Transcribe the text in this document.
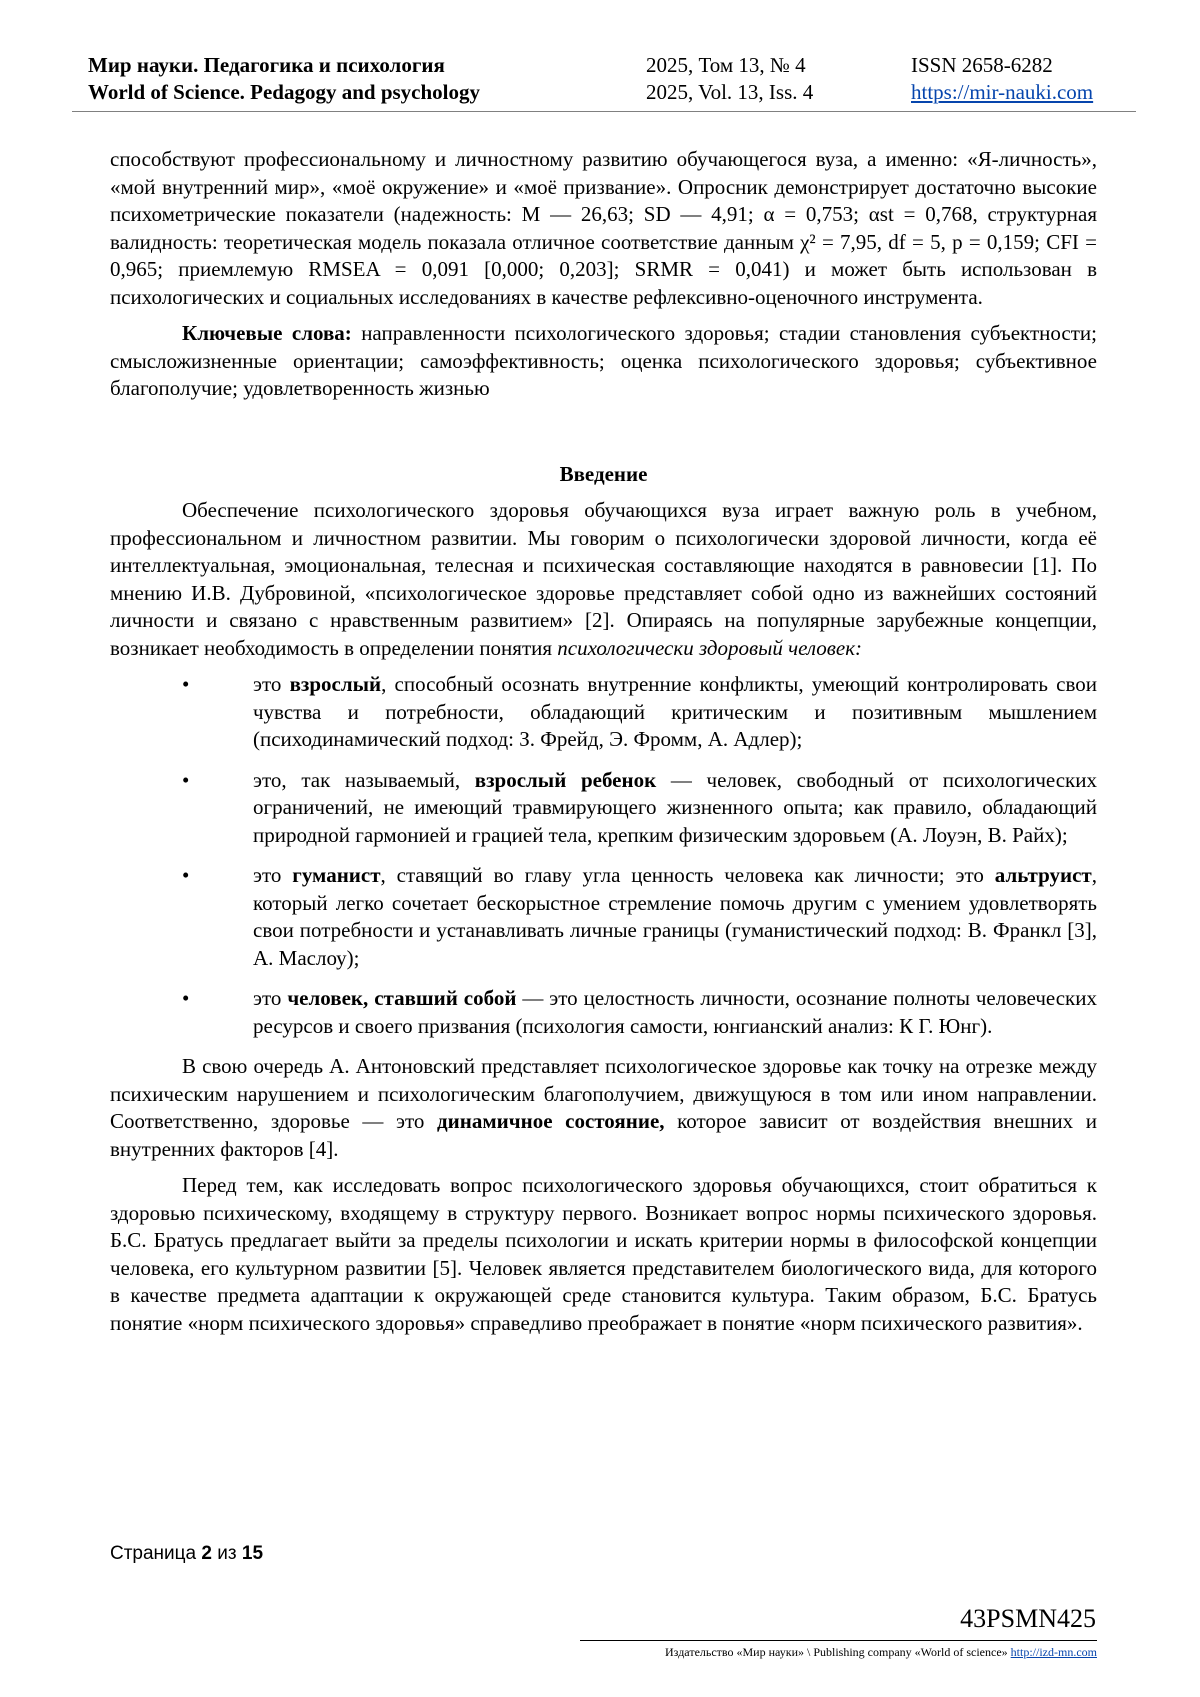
Мир науки. Педагогика и психология
World of Science. Pedagogy and psychology
2025, Том 13, № 4
2025, Vol. 13, Iss. 4
ISSN 2658-6282
https://mir-nauki.com

способствуют профессиональному и личностному развитию обучающегося вуза, а именно: «Я-личность», «мой внутренний мир», «моё окружение» и «моё призвание». Опросник демонстрирует достаточно высокие психометрические показатели (надежность: M — 26,63; SD — 4,91; α = 0,753; αst = 0,768, структурная валидность: теоретическая модель показала отличное соответствие данным χ² = 7,95, df = 5, p = 0,159; CFI = 0,965; приемлемую RMSEA = 0,091 [0,000; 0,203]; SRMR = 0,041) и может быть использован в психологических и социальных исследованиях в качестве рефлексивно-оценочного инструмента.

Ключевые слова: направленности психологического здоровья; стадии становления субъектности; смысложизненные ориентации; самоэффективность; оценка психологического здоровья; субъективное благополучие; удовлетворенность жизнью

Введение

Обеспечение психологического здоровья обучающихся вуза играет важную роль в учебном, профессиональном и личностном развитии. Мы говорим о психологически здоровой личности, когда её интеллектуальная, эмоциональная, телесная и психическая составляющие находятся в равновесии [1]. По мнению И.В. Дубровиной, «психологическое здоровье представляет собой одно из важнейших состояний личности и связано с нравственным развитием» [2]. Опираясь на популярные зарубежные концепции, возникает необходимость в определении понятия психологически здоровый человек:

•	это взрослый, способный осознать внутренние конфликты, умеющий контролировать свои чувства и потребности, обладающий критическим и позитивным мышлением (психодинамический подход: З. Фрейд, Э. Фромм, А. Адлер);
•	это, так называемый, взрослый ребенок — человек, свободный от психологических ограничений, не имеющий травмирующего жизненного опыта; как правило, обладающий природной гармонией и грацией тела, крепким физическим здоровьем (А. Лоуэн, В. Райх);
•	это гуманист, ставящий во главу угла ценность человека как личности; это альтруист, который легко сочетает бескорыстное стремление помочь другим с умением удовлетворять свои потребности и устанавливать личные границы (гуманистический подход: В. Франкл [3], А. Маслоу);
•	это человек, ставший собой — это целостность личности, осознание полноты человеческих ресурсов и своего призвания (психология самости, юнгианский анализ: К Г. Юнг).

В свою очередь А. Антоновский представляет психологическое здоровье как точку на отрезке между психическим нарушением и психологическим благополучием, движущуюся в том или ином направлении. Соответственно, здоровье — это динамичное состояние, которое зависит от воздействия внешних и внутренних факторов [4].

Перед тем, как исследовать вопрос психологического здоровья обучающихся, стоит обратиться к здоровью психическому, входящему в структуру первого. Возникает вопрос нормы психического здоровья. Б.С. Братусь предлагает выйти за пределы психологии и искать критерии нормы в философской концепции человека, его культурном развитии [5]. Человек является представителем биологического вида, для которого в качестве предмета адаптации к окружающей среде становится культура. Таким образом, Б.С. Братусь понятие «норм психического здоровья» справедливо преображает в понятие «норм психического развития».

Страница 2 из 15
43PSMN425
Издательство «Мир науки» \ Publishing company «World of science» http://izd-mn.com
